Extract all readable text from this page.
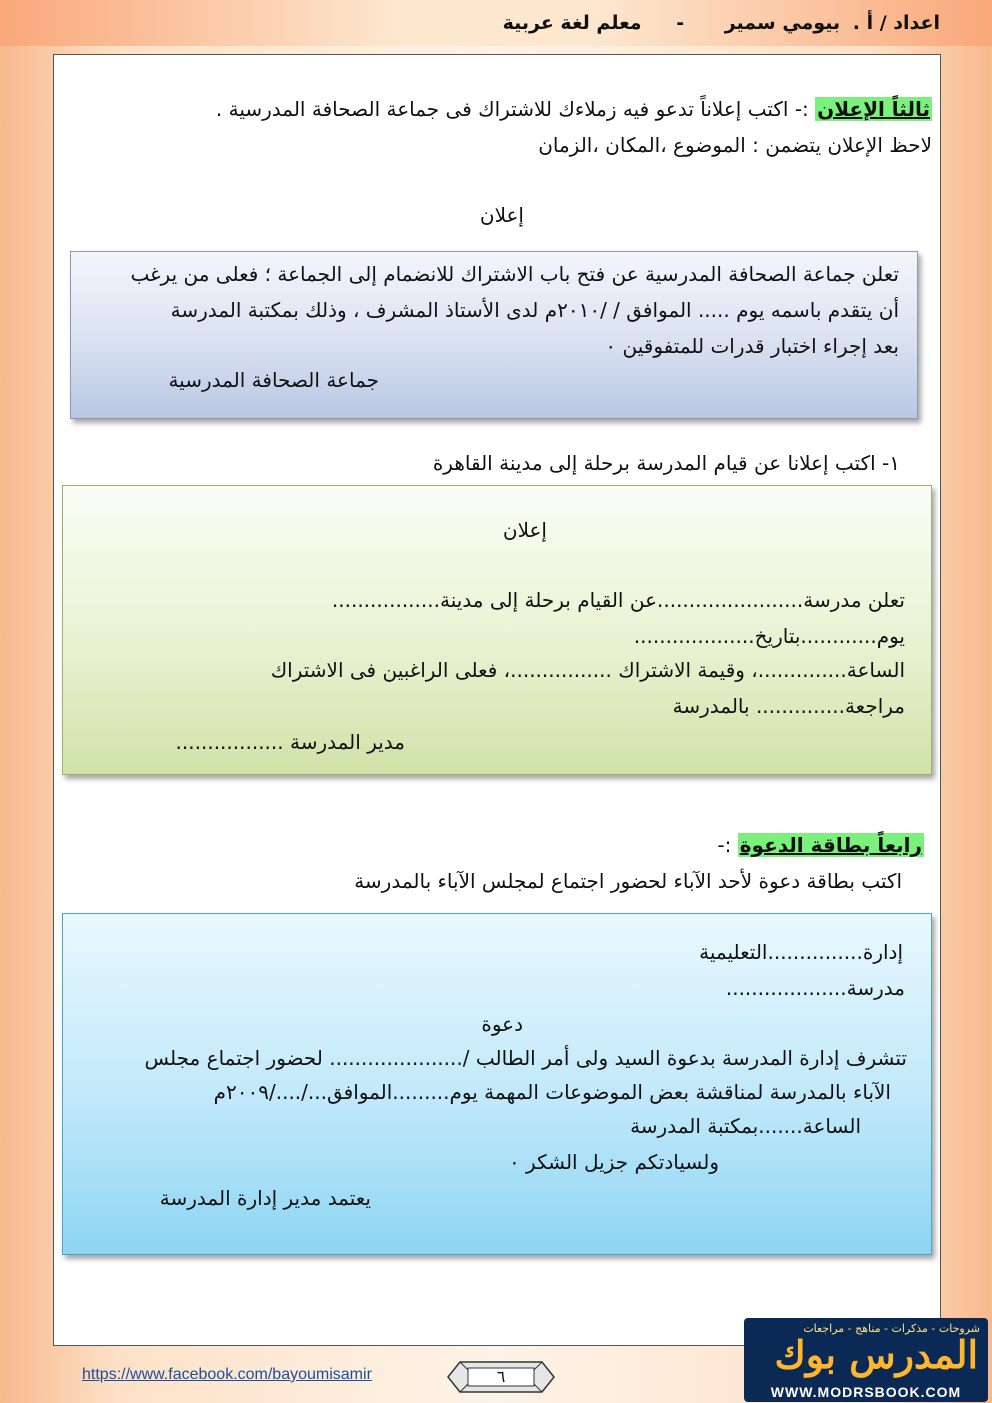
اعداد / أ . بيومي سمير - معلم لغة عربية
ثالثاً الإعلان :- اكتب إعلاناً تدعو فيه زملاءك للاشتراك فى جماعة الصحافة المدرسية .
لاحظ الإعلان يتضمن : الموضوع ،المكان ،الزمان
إعلان
تعلن جماعة الصحافة المدرسية عن فتح باب الاشتراك للانضمام إلى الجماعة ؛ فعلى من يرغب
أن يتقدم باسمه يوم ..... الموافق / /٢٠١٠م لدى الأستاذ المشرف ، وذلك بمكتبة المدرسة
بعد إجراء اختبار قدرات للمتفوقين ٠
جماعة الصحافة المدرسية
١- اكتب إعلانا عن قيام المدرسة برحلة إلى مدينة القاهرة
إعلان
تعلن مدرسة.......................عن القيام برحلة إلى مدينة.................
يوم............بتاريخ...................
الساعة..............، وقيمة الاشتراك ................، فعلى الراغبين فى الاشتراك
مراجعة.............. بالمدرسة
مدير المدرسة .................
رابعاً بطاقة الدعوة :-
اكتب بطاقة دعوة لأحد الآباء لحضور اجتماع لمجلس الآباء بالمدرسة
إدارة...............التعليمية
مدرسة...................
دعوة
تتشرف إدارة المدرسة بدعوة السيد ولى أمر الطالب /..................... لحضور اجتماع مجلس
الآباء بالمدرسة لمناقشة بعض الموضوعات المهمة يوم.........الموافق.../..../٢٠٠٩م
الساعة.......بمكتبة المدرسة
ولسيادتكم جزيل الشكر ٠
يعتمد مدير إدارة المدرسة
https://www.facebook.com/bayoumisamir	٦
شروحات - مذكرات - مناهج - مراجعات
المدرس بوك
WWW.MODRSBOOK.COM
